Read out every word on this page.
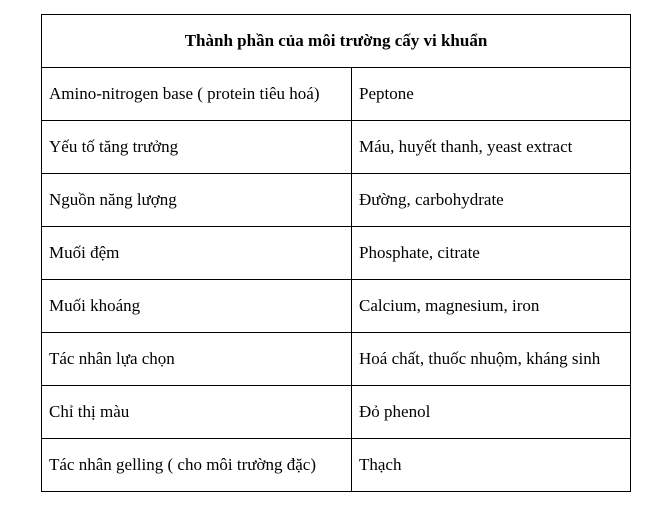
Thành phần của môi trường cấy vi khuẩn	
Amino-nitrogen base ( protein tiêu hoá)	Peptone
Yếu tố tăng trưởng	Máu, huyết thanh, yeast extract
Nguồn năng lượng	Đường, carbohydrate
Muối đệm	Phosphate, citrate
Muối khoáng	Calcium, magnesium, iron
Tác nhân lựa chọn	Hoá chất, thuốc nhuộm, kháng sinh
Chỉ thị màu	Đỏ phenol
Tác nhân gelling ( cho môi trường đặc)	Thạch
